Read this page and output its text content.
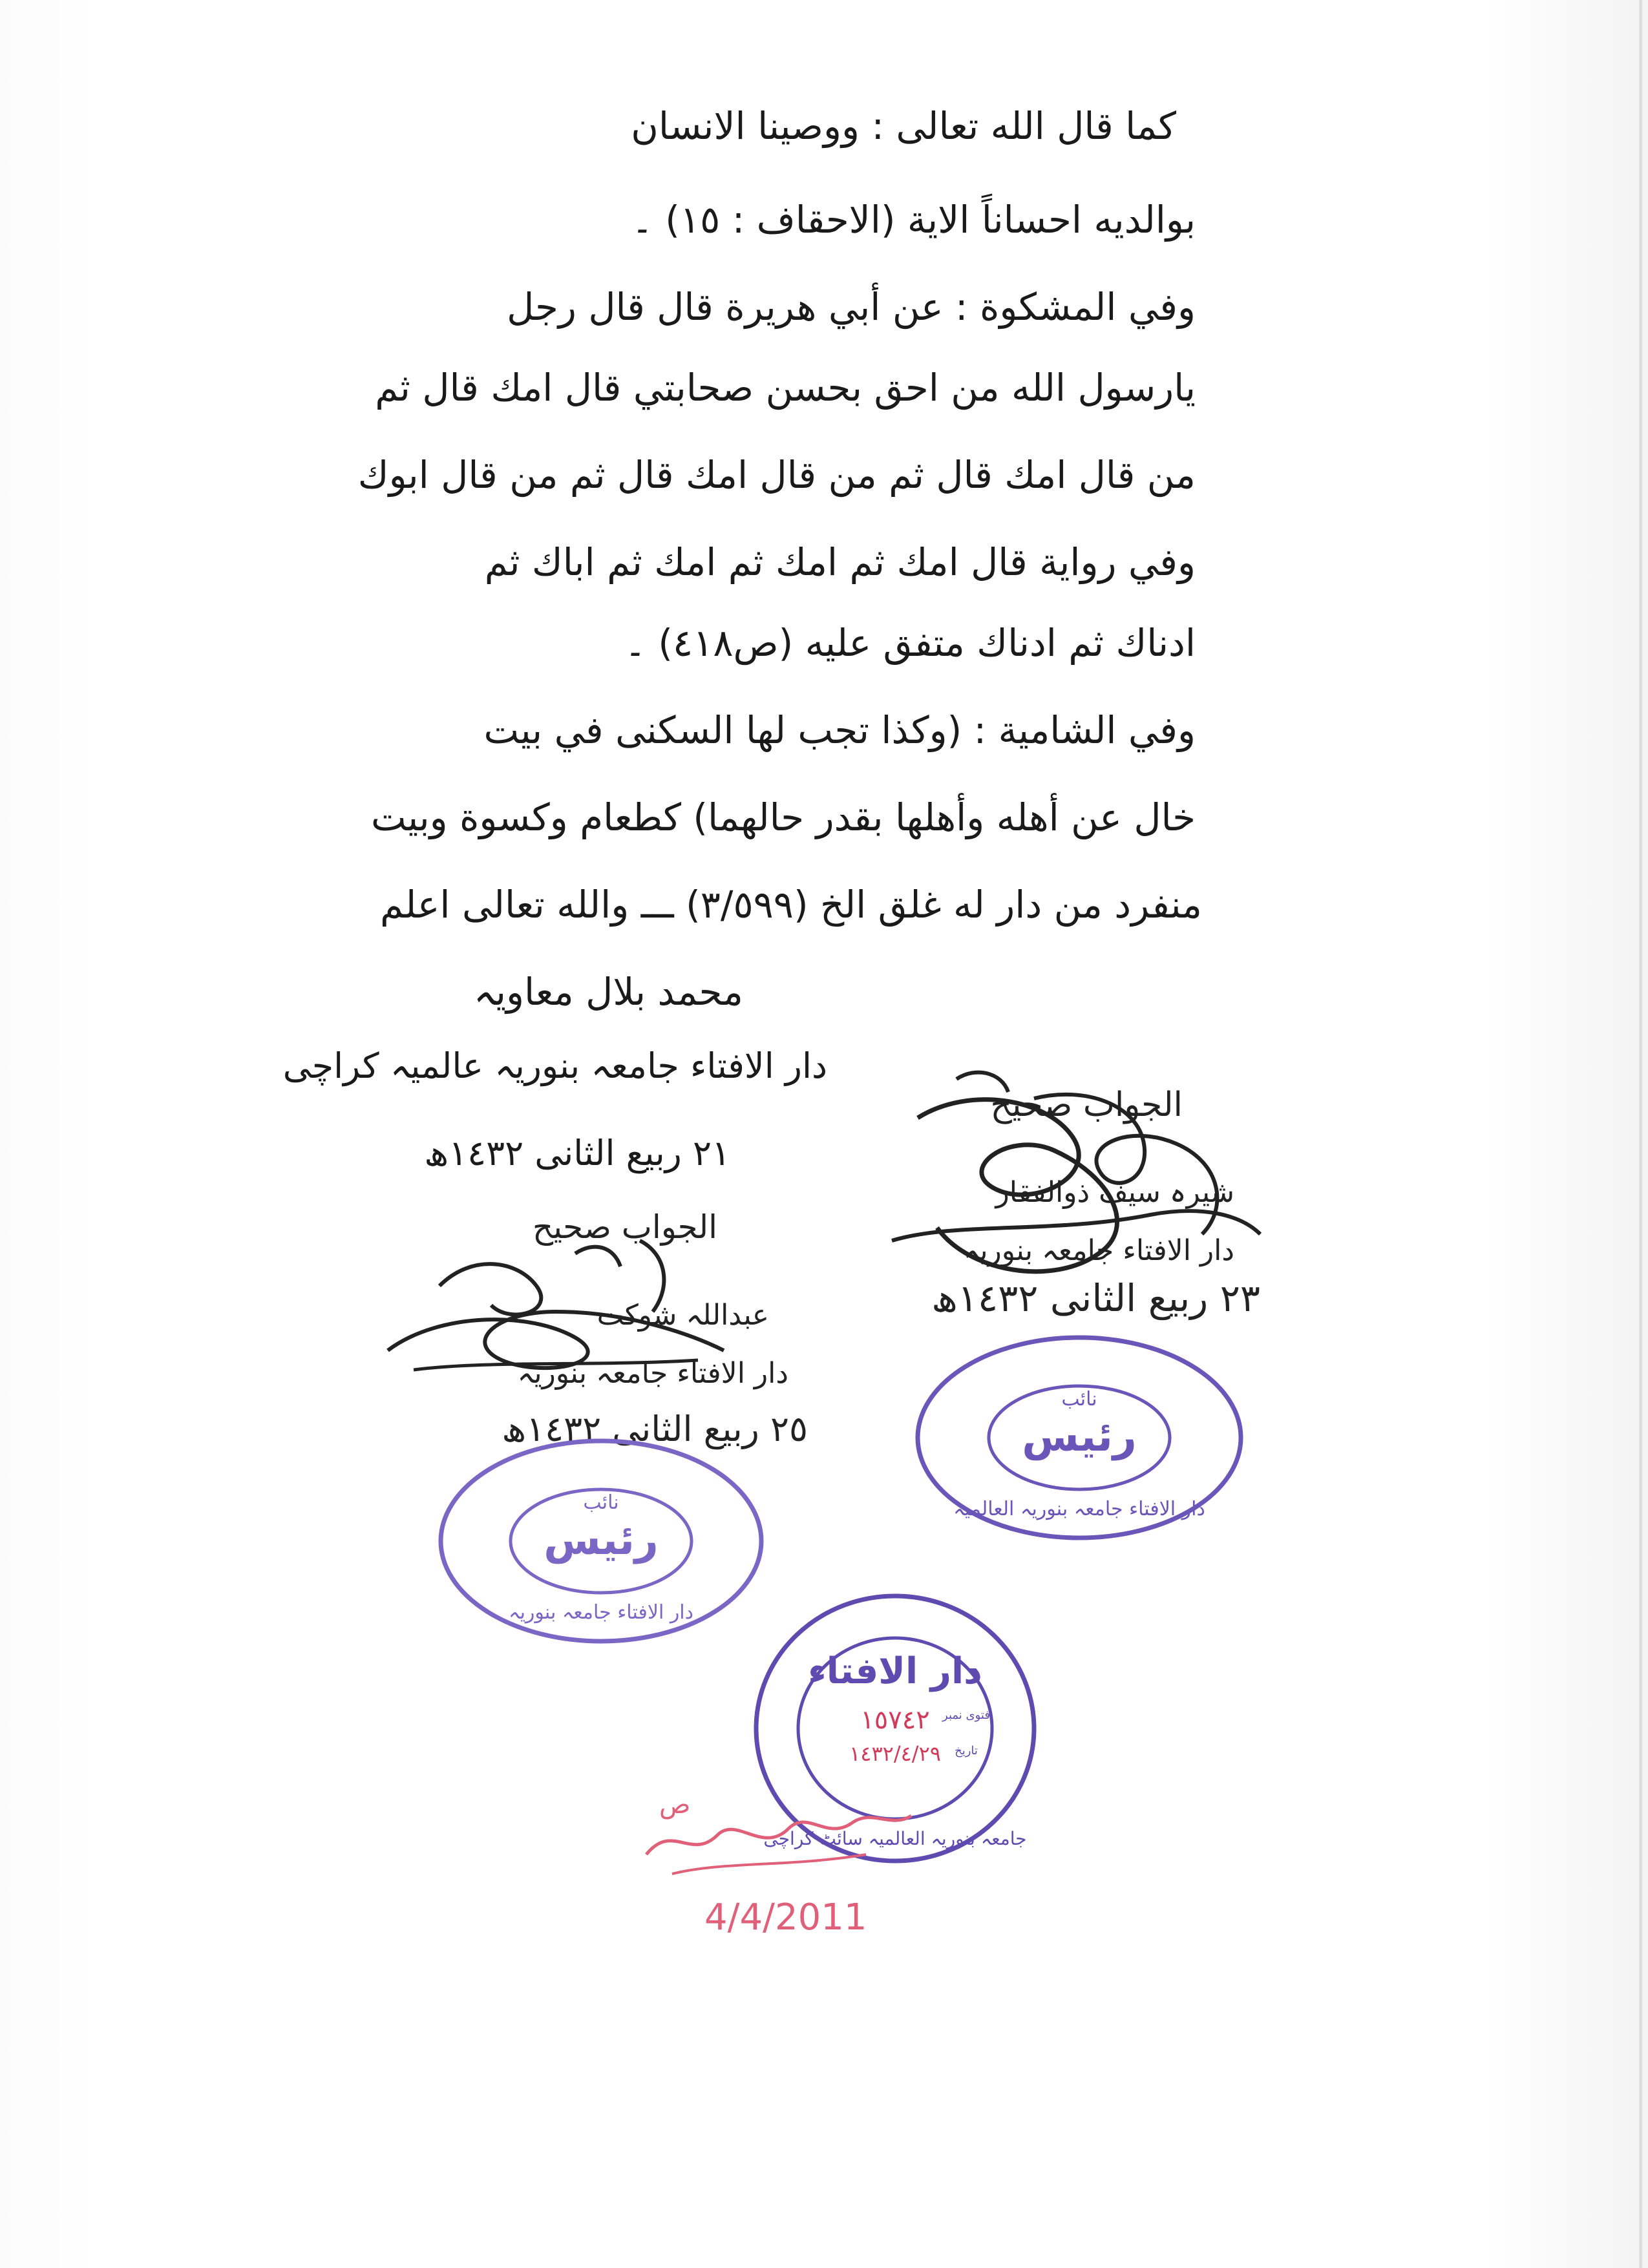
كما قال الله تعالى : ووصينا الانسان
بوالديه احساناً الاية (الاحقاف : ١٥) ۔
وفي المشكوة : عن أبي هريرة قال قال رجل
يارسول الله من احق بحسن صحابتي قال امك قال ثم
من قال امك قال ثم من قال امك قال ثم من قال ابوك
وفي رواية قال امك ثم امك ثم امك ثم اباك ثم
ادناك ثم ادناك متفق عليه (ص٤١٨) ۔
وفي الشامية : (وكذا تجب لها السكنى في بيت
خال عن أهله وأهلها بقدر حالهما) كطعام وكسوة وبيت
منفرد من دار له غلق الخ (٣/٥٩٩) ـــ والله تعالى اعلم
محمد بلال معاویہ
دار الافتاء جامعہ بنوریہ عالمیہ کراچی
٢١ ربیع الثانی ١٤٣٢ھ
الجواب صحیح
شیرہ سیف ذوالفقار
دار الافتاء جامعہ بنوریہ
٢٣ ربیع الثانی ١٤٣٢ھ
الجواب صحیح
عبداللہ شوکت
دار الافتاء جامعہ بنوریہ
٢٥ ربیع الثانی ١٤٣٢ھ
نائب
رئيس
دار الافتاء جامعہ بنوریہ العالمیہ
نائب
رئيس
دار الافتاء جامعہ بنوریہ
دار الافتاء
فتوی نمبر
١٥٧٤٢
تاریخ
١٤٣٢/٤/٢٩
جامعہ بنوریہ العالمیہ سائٹ کراچی
ص
4/4/2011
